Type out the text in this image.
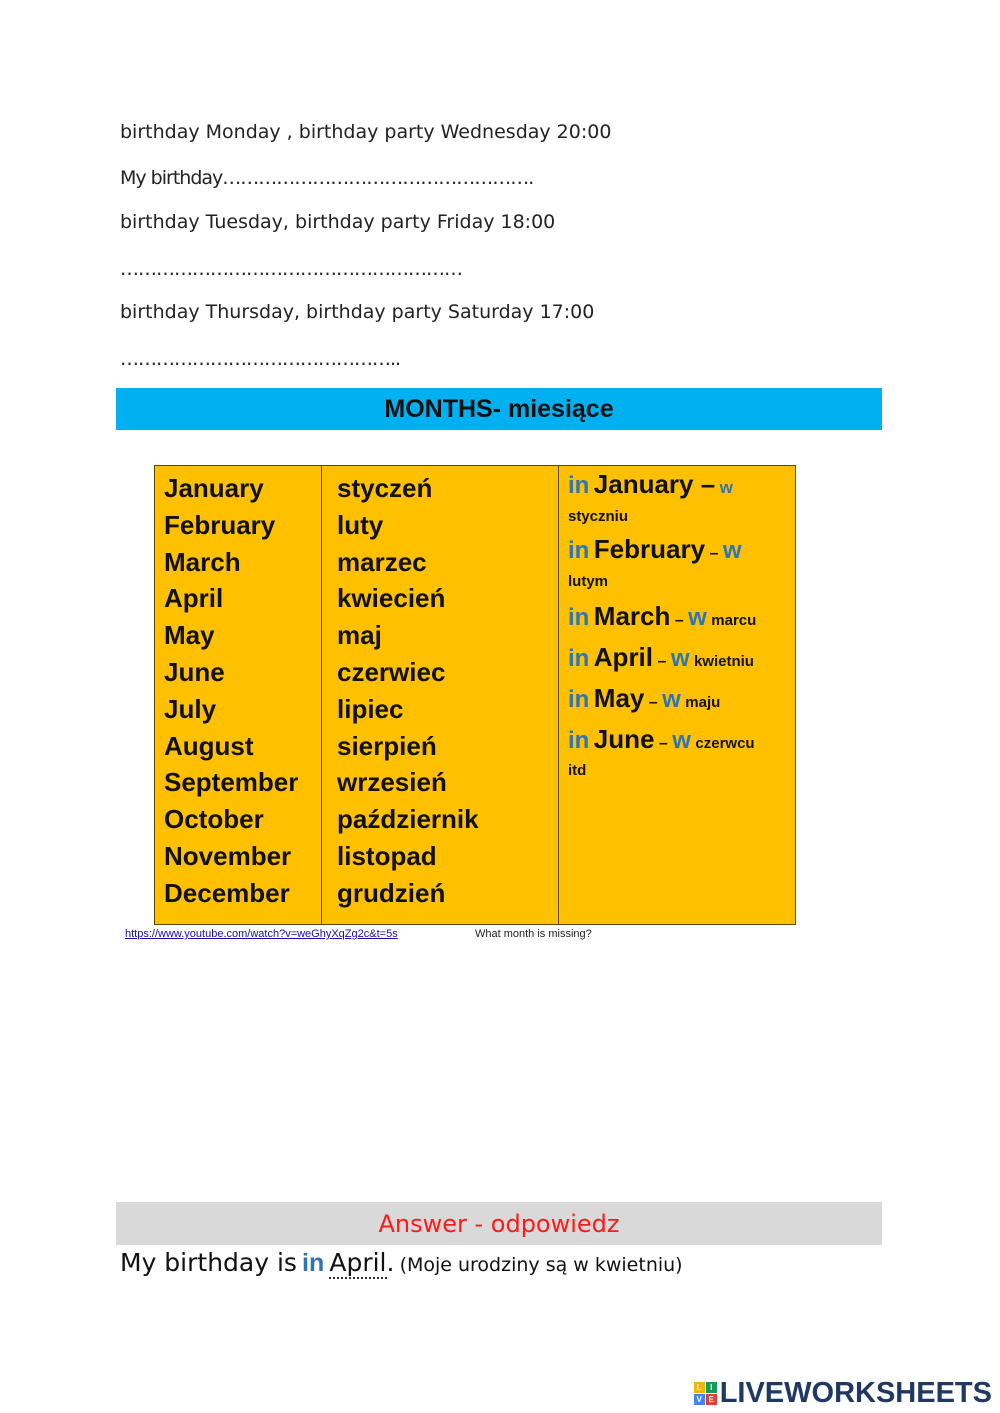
birthday Monday , birthday party Wednesday 20:00
My birthday…………………………………………….
birthday Tuesday, birthday party Friday 18:00
…………………………………………………
birthday Thursday, birthday party Saturday 17:00
………………………………………..
MONTHS- miesiące
January
February
March
April
May
June
July
August
September
October
November
December
styczeń
luty
marzec
kwiecień
maj
czerwiec
lipiec
sierpień
wrzesień
październik
listopad
grudzień
in January – w
styczniu
in February – w
lutym
in March – w marcu
in April – w kwietniu
in May – w maju
in June – w czerwcu
itd
https://www.youtube.com/watch?v=weGhyXqZg2c&t=5s	What month is missing?
Answer - odpowiedz
My birthday is in April. (Moje urodziny są w kwietniu)
L	I
V E LIVEWORKSHEETS
